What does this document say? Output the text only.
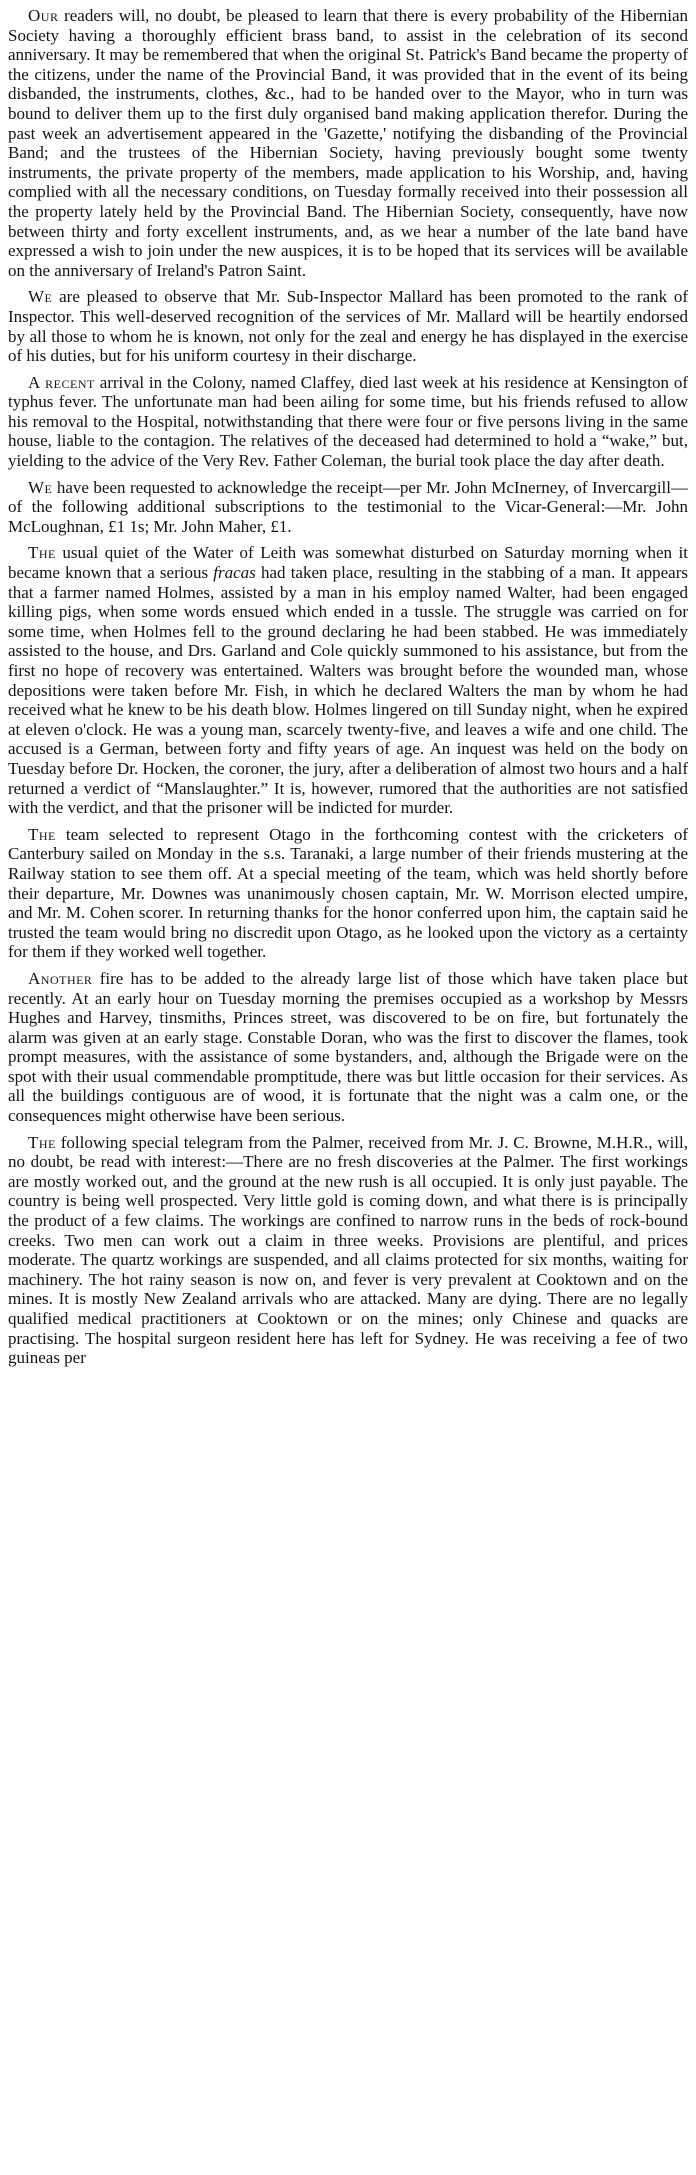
Our readers will, no doubt, be pleased to learn that there is every probability of the Hibernian Society having a thoroughly efficient brass band, to assist in the celebration of its second anniversary. It may be remembered that when the original St. Patrick's Band became the property of the citizens, under the name of the Provincial Band, it was provided that in the event of its being disbanded, the instruments, clothes, &c., had to be handed over to the Mayor, who in turn was bound to deliver them up to the first duly organised band making application therefor. During the past week an advertisement appeared in the 'Gazette,' notifying the disbanding of the Provincial Band; and the trustees of the Hibernian Society, having previously bought some twenty instruments, the private property of the members, made application to his Worship, and, having complied with all the necessary conditions, on Tuesday formally received into their possession all the property lately held by the Provincial Band. The Hibernian Society, consequently, have now between thirty and forty excellent instruments, and, as we hear a number of the late band have expressed a wish to join under the new auspices, it is to be hoped that its services will be available on the anniversary of Ireland's Patron Saint.

We are pleased to observe that Mr. Sub-Inspector Mallard has been promoted to the rank of Inspector. This well-deserved recognition of the services of Mr. Mallard will be heartily endorsed by all those to whom he is known, not only for the zeal and energy he has displayed in the exercise of his duties, but for his uniform courtesy in their discharge.

A recent arrival in the Colony, named Claffey, died last week at his residence at Kensington of typhus fever. The unfortunate man had been ailing for some time, but his friends refused to allow his removal to the Hospital, notwithstanding that there were four or five persons living in the same house, liable to the contagion. The relatives of the deceased had determined to hold a “wake,” but, yielding to the advice of the Very Rev. Father Coleman, the burial took place the day after death.

We have been requested to acknowledge the receipt—per Mr. John McInerney, of Invercargill—of the following additional subscriptions to the testimonial to the Vicar-General:—Mr. John McLoughnan, £1 1s; Mr. John Maher, £1.

The usual quiet of the Water of Leith was somewhat disturbed on Saturday morning when it became known that a serious fracas had taken place, resulting in the stabbing of a man. It appears that a farmer named Holmes, assisted by a man in his employ named Walter, had been engaged killing pigs, when some words ensued which ended in a tussle. The struggle was carried on for some time, when Holmes fell to the ground declaring he had been stabbed. He was immediately assisted to the house, and Drs. Garland and Cole quickly summoned to his assistance, but from the first no hope of recovery was entertained. Walters was brought before the wounded man, whose depositions were taken before Mr. Fish, in which he declared Walters the man by whom he had received what he knew to be his death blow. Holmes lingered on till Sunday night, when he expired at eleven o'clock. He was a young man, scarcely twenty-five, and leaves a wife and one child. The accused is a German, between forty and fifty years of age. An inquest was held on the body on Tuesday before Dr. Hocken, the coroner, the jury, after a deliberation of almost two hours and a half returned a verdict of “Manslaughter.” It is, however, rumored that the authorities are not satisfied with the verdict, and that the prisoner will be indicted for murder.

The team selected to represent Otago in the forthcoming contest with the cricketers of Canterbury sailed on Monday in the s.s. Taranaki, a large number of their friends mustering at the Railway station to see them off. At a special meeting of the team, which was held shortly before their departure, Mr. Downes was unanimously chosen captain, Mr. W. Morrison elected umpire, and Mr. M. Cohen scorer. In returning thanks for the honor conferred upon him, the captain said he trusted the team would bring no discredit upon Otago, as he looked upon the victory as a certainty for them if they worked well together.

Another fire has to be added to the already large list of those which have taken place but recently. At an early hour on Tuesday morning the premises occupied as a workshop by Messrs Hughes and Harvey, tinsmiths, Princes street, was discovered to be on fire, but fortunately the alarm was given at an early stage. Constable Doran, who was the first to discover the flames, took prompt measures, with the assistance of some bystanders, and, although the Brigade were on the spot with their usual commendable promptitude, there was but little occasion for their services. As all the buildings contiguous are of wood, it is fortunate that the night was a calm one, or the consequences might otherwise have been serious.

The following special telegram from the Palmer, received from Mr. J. C. Browne, M.H.R., will, no doubt, be read with interest:—There are no fresh discoveries at the Palmer. The first workings are mostly worked out, and the ground at the new rush is all occupied. It is only just payable. The country is being well prospected. Very little gold is coming down, and what there is is principally the product of a few claims. The workings are confined to narrow runs in the beds of rock-bound creeks. Two men can work out a claim in three weeks. Provisions are plentiful, and prices moderate. The quartz workings are suspended, and all claims protected for six months, waiting for machinery. The hot rainy season is now on, and fever is very prevalent at Cooktown and on the mines. It is mostly New Zealand arrivals who are attacked. Many are dying. There are no legally qualified medical practitioners at Cooktown or on the mines; only Chinese and quacks are practising. The hospital surgeon resident here has left for Sydney. He was receiving a fee of two guineas per
